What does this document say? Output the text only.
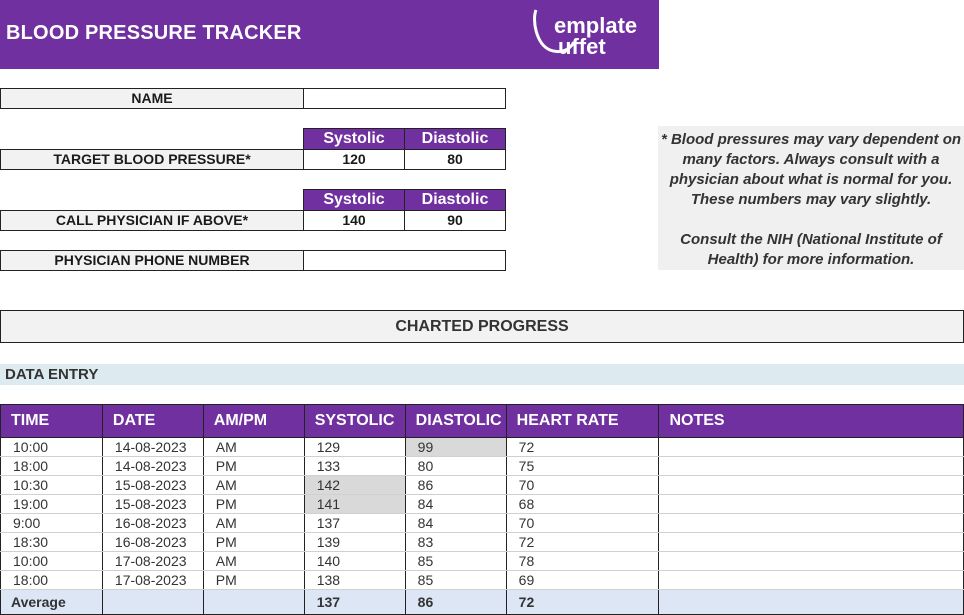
BLOOD PRESSURE TRACKER	emplate
uffet
NAME
Systolic	Diastolic
TARGET BLOOD PRESSURE*	120	80
Systolic	Diastolic
CALL PHYSICIAN IF ABOVE*	140	90
PHYSICIAN PHONE NUMBER

* Blood pressures may vary dependent on many factors. Always consult with a physician about what is normal for you. These numbers may vary slightly.

Consult the NIH (National Institute of Health) for more information.

CHARTED PROGRESS
DATA ENTRY
TIME	DATE	AM/PM	SYSTOLIC	DIASTOLIC	HEART RATE	NOTES
10:00	14-08-2023	AM	129	99	72	
18:00	14-08-2023	PM	133	80	75	
10:30	15-08-2023	AM	142	86	70	
19:00	15-08-2023	PM	141	84	68	
9:00	16-08-2023	AM	137	84	70	
18:30	16-08-2023	PM	139	83	72	
10:00	17-08-2023	AM	140	85	78	
18:00	17-08-2023	PM	138	85	69	
Average			137	86	72	
